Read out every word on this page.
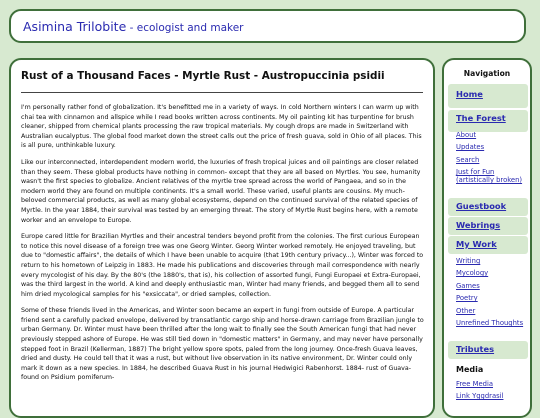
Asimina Trilobite - ecologist and maker
Rust of a Thousand Faces - Myrtle Rust - Austropuccinia psidii

I'm personally rather fond of globalization. It's benefitted me in a variety of ways. In cold Northern winters I can warm up with chai tea with cinnamon and allspice while I read books written across continents. My oil painting kit has turpentine for brush cleaner, shipped from chemical plants processing the raw tropical materials. My cough drops are made in Switzerland with Australian eucalyptus. The global food market down the street calls out the price of fresh guava, sold in Ohio of all places. This is all pure, unthinkable luxury.

Like our interconnected, interdependent modern world, the luxuries of fresh tropical juices and oil paintings are closer related than they seem. These global products have nothing in common- except that they are all based on Myrtles. You see, humanity wasn't the first species to globalize. Ancient relatives of the myrtle tree spread across the world of Pangaea, and so in the modern world they are found on multiple continents. It's a small world. These varied, useful plants are cousins. My much-beloved commercial products, as well as many global ecosystems, depend on the continued survival of the related species of Myrtle. In the year 1884, their survival was tested by an emerging threat. The story of Myrtle Rust begins here, with a remote worker and an envelope to Europe.

Europe cared little for Brazilian Myrtles and their ancestral tenders beyond profit from the colonies. The first curious European to notice this novel disease of a foreign tree was one Georg Winter. Georg Winter worked remotely. He enjoyed traveling, but due to "domestic affairs", the details of which I have been unable to acquire (that 19th century privacy...), Winter was forced to return to his hometown of Leipzig in 1883. He made his publications and discoveries through mail correspondence with nearly every mycologist of his day. By the 80's (the 1880's, that is), his collection of assorted fungi, Fungi Europaei et Extra-Europaei, was the third largest in the world. A kind and deeply enthusiastic man, Winter had many friends, and begged them all to send him dried mycological samples for his "exsiccata", or dried samples, collection.

Some of these friends lived in the Americas, and Winter soon became an expert in fungi from outside of Europe. A particular friend sent a carefully packed envelope, delivered by transatlantic cargo ship and horse-drawn carriage from Brazilian jungle to urban Germany. Dr. Winter must have been thrilled after the long wait to finally see the South American fungi that had never previously stepped ashore of Europe. He was still tied down in "domestic matters" in Germany, and may never have personally stepped foot in Brazil (Kellerman, 1887) The bright yellow spore spots, paled from the long journey. Once-fresh Guava leaves, dried and dusty. He could tell that it was a rust, but without live observation in its native environment, Dr. Winter could only mark it down as a new species. In 1884, he described Guava Rust in his journal Hedwigici Rabenhorst. 1884- rust of Guava- found on Psidium pomiferum-

Navigation
Home
The Forest
About
Updates
Search
Just for Fun (artistically broken)
Guestbook
Webrings
My Work
Writing
Mycology
Games
Poetry
Other
Unrefined Thoughts
Tributes
Media
Free Media
Link Yggdrasil
